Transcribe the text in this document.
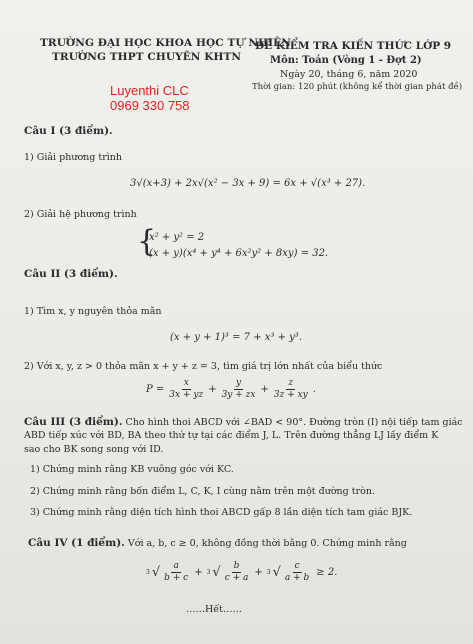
TRƯỜNG ĐẠI HỌC KHOA HỌC TỰ NHIÊN
TRƯỜNG THPT CHUYÊN KHTN
ĐỀ KIỂM TRA KIẾN THỨC LỚP 9
Môn: Toán (Vòng 1 - Đợt 2)
Ngày 20, tháng 6, năm 2020
Thời gian: 120 phút (không kể thời gian phát đề)
Luyenthi CLC
0969 330 758
Câu I (3 điểm).
1) Giải phương trình
3√(x+3) + 2x√(x² − 3x + 9) = 6x + √(x³ + 27).
2) Giải hệ phương trình
{
x² + y² = 2
(x + y)(x⁴ + y⁴ + 6x²y² + 8xy) = 32.
Câu II (3 điểm).
1) Tìm x, y nguyên thỏa mãn
(x + y + 1)³ = 7 + x³ + y³.
2) Với x, y, z > 0 thỏa mãn x + y + z = 3, tìm giá trị lớn nhất của biểu thức
$P = \frac{x}{3x + yz} + \frac{y}{3y + zx} + \frac{z}{3z + xy}$ .
Câu III (3 điểm). Cho hình thoi ABCD với ∠BAD < 90°. Đường tròn (I) nội tiếp tam giác
ABD tiếp xúc với BD, BA theo thứ tự tại các điểm J, L. Trên đường thẳng LJ lấy điểm K
sao cho BK song song với ID.
1) Chứng minh rằng KB vuông góc với KC.
2) Chứng minh rằng bốn điểm L, C, K, I cùng nằm trên một đường tròn.
3) Chứng minh rằng diện tích hình thoi ABCD gấp 8 lần diện tích tam giác BJK.
Câu IV (1 điểm). Với a, b, c ≥ 0, không đồng thời bằng 0. Chứng minh rằng
3 √ $\frac{a}{b + c} + 3$ √ $\frac{b}{c + a} + 3$ √ $\frac{c}{a + b} \ge 2$.
……Hết……
